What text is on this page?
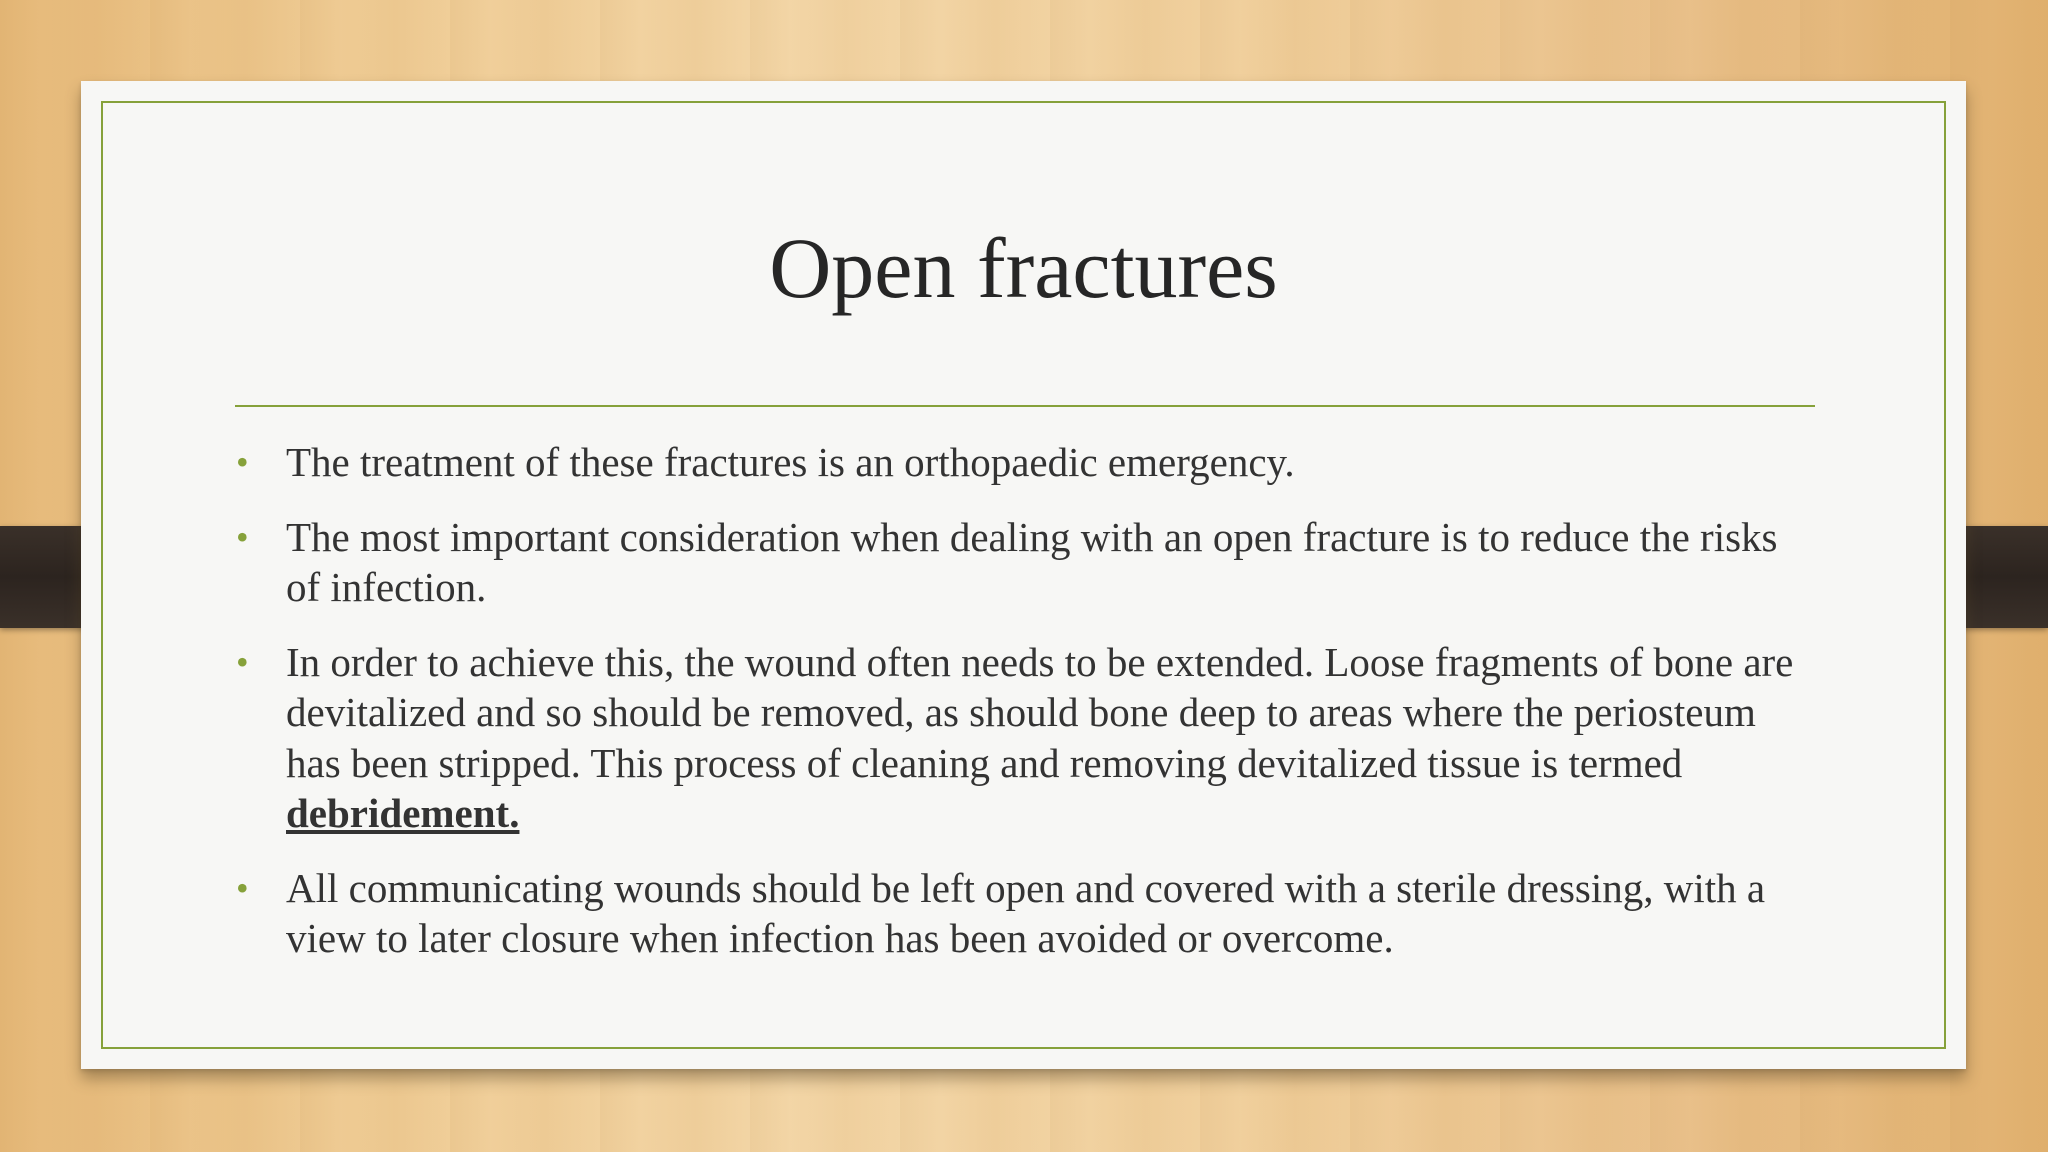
Open fractures
• The treatment of these fractures is an orthopaedic emergency.
• The most important consideration when dealing with an open fracture is to reduce the risks of infection.
• In order to achieve this, the wound often needs to be extended. Loose fragments of bone are devitalized and so should be removed, as should bone deep to areas where the periosteum has been stripped. This process of cleaning and removing devitalized tissue is termed debridement.
• All communicating wounds should be left open and covered with a sterile dressing, with a view to later closure when infection has been avoided or overcome.
